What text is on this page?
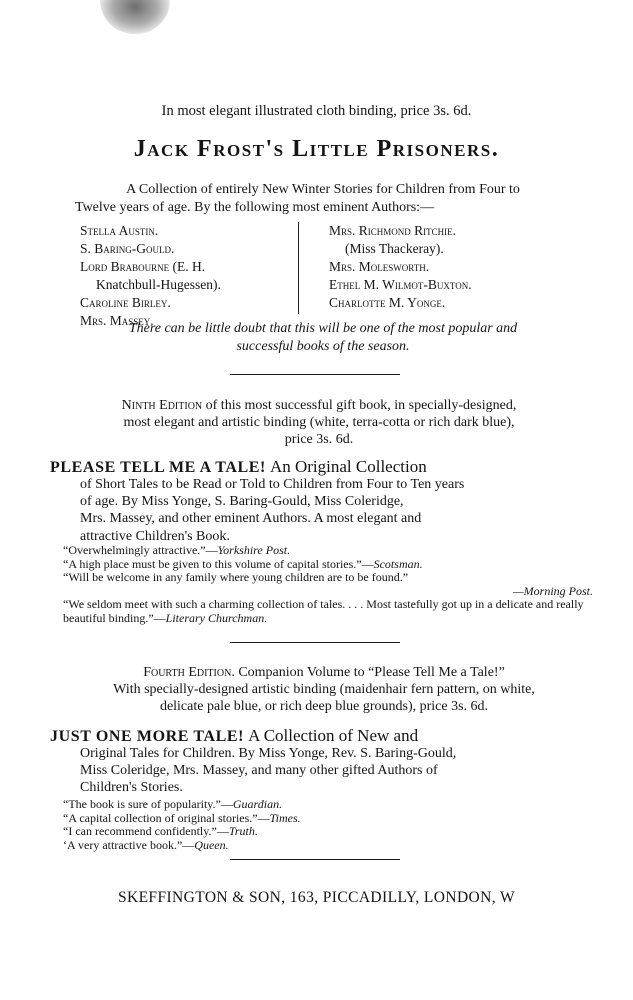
In most elegant illustrated cloth binding, price 3s. 6d.
Jack Frost's Little Prisoners.
A Collection of entirely New Winter Stories for Children from Four to
Twelve years of age. By the following most eminent Authors:—
Stella Austin.
S. Baring-Gould.
Lord Brabourne (E. H.
Knatchbull-Hugessen).
Caroline Birley.
Mrs. Massey.
Mrs. Richmond Ritchie.
(Miss Thackeray).
Mrs. Molesworth.
Ethel M. Wilmot-Buxton.
Charlotte M. Yonge.
There can be little doubt that this will be one of the most popular and
successful books of the season.
Ninth Edition of this most successful gift book, in specially-designed,
most elegant and artistic binding (white, terra-cotta or rich dark blue),
price 3s. 6d.
PLEASE TELL ME A TALE! An Original Collection
of Short Tales to be Read or Told to Children from Four to Ten years
of age. By Miss Yonge, S. Baring-Gould, Miss Coleridge,
Mrs. Massey, and other eminent Authors. A most elegant and
attractive Children's Book.
“Overwhelmingly attractive.”—Yorkshire Post.
“A high place must be given to this volume of capital stories.”—Scotsman.
“Will be welcome in any family where young children are to be found.”
—Morning Post.
“We seldom meet with such a charming collection of tales. . . . Most tastefully got up in a delicate and really beautiful binding.”—Literary Churchman.
Fourth Edition. Companion Volume to “Please Tell Me a Tale!”
With specially-designed artistic binding (maidenhair fern pattern, on white,
delicate pale blue, or rich deep blue grounds), price 3s. 6d.
JUST ONE MORE TALE! A Collection of New and
Original Tales for Children. By Miss Yonge, Rev. S. Baring-Gould,
Miss Coleridge, Mrs. Massey, and many other gifted Authors of
Children's Stories.
“The book is sure of popularity.”—Guardian.
“A capital collection of original stories.”—Times.
“I can recommend confidently.”—Truth.
‘A very attractive book.”—Queen.
SKEFFINGTON & SON, 163, PICCADILLY, LONDON, W
